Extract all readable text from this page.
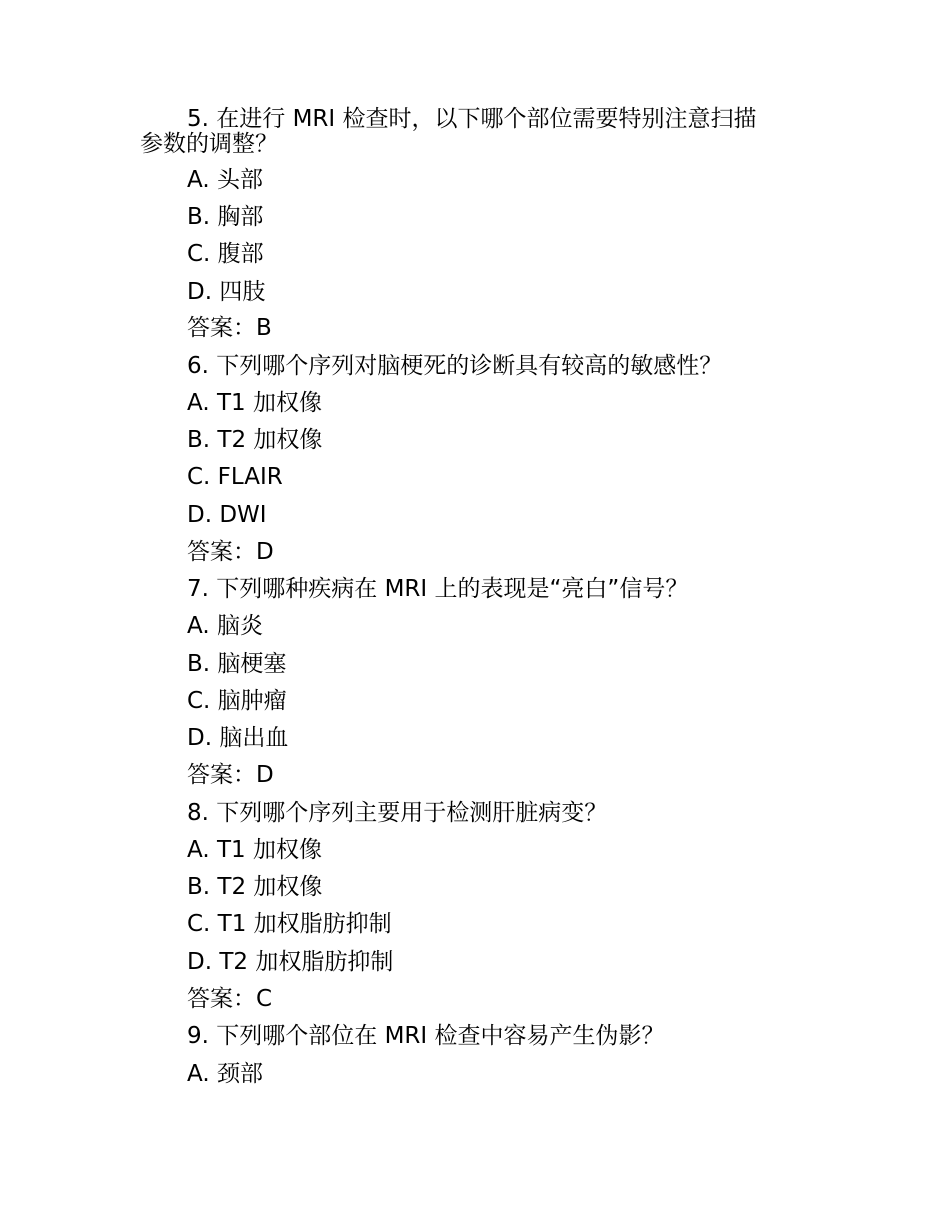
5. 在进行 MRI 检查时，以下哪个部位需要特别注意扫描
参数的调整？
A. 头部
B. 胸部
C. 腹部
D. 四肢
答案：B
6. 下列哪个序列对脑梗死的诊断具有较高的敏感性？
A. T1 加权像
B. T2 加权像
C. FLAIR
D. DWI
答案：D
7. 下列哪种疾病在 MRI 上的表现是“亮白”信号？
A. 脑炎
B. 脑梗塞
C. 脑肿瘤
D. 脑出血
答案：D
8. 下列哪个序列主要用于检测肝脏病变？
A. T1 加权像
B. T2 加权像
C. T1 加权脂肪抑制
D. T2 加权脂肪抑制
答案：C
9. 下列哪个部位在 MRI 检查中容易产生伪影？
A. 颈部
